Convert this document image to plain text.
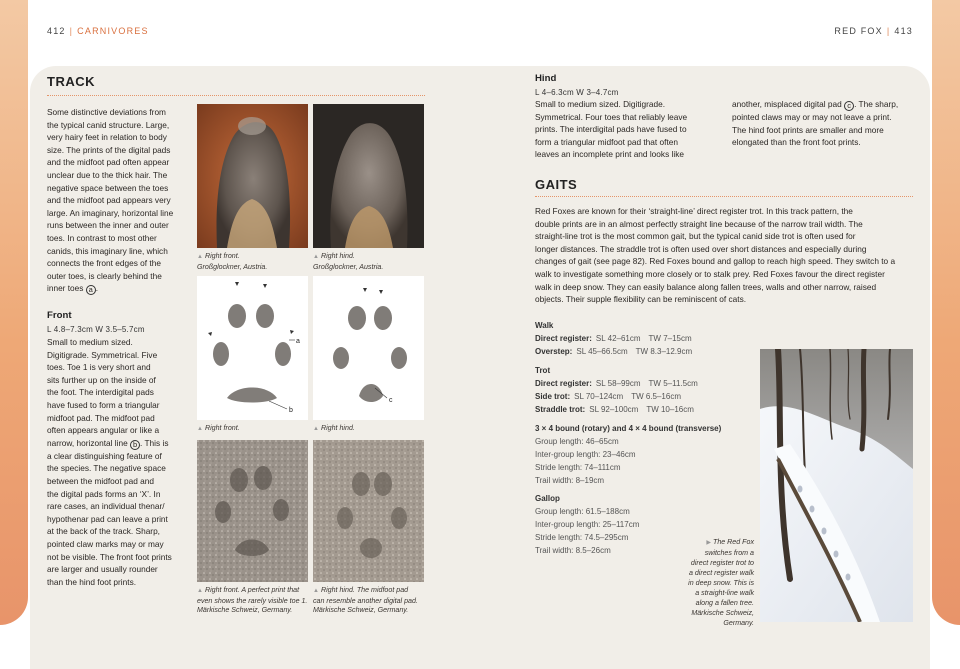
412 | CARNIVORES	RED FOX | 413
TRACK
Some distinctive deviations from
the typical canid structure. Large,
very hairy feet in relation to body
size. The prints of the digital pads
and the midfoot pad often appear
unclear due to the thick hair. The
negative space between the toes
and the midfoot pad appears very
large. An imaginary, horizontal line
runs between the inner and outer
toes. In contrast to most other
canids, this imaginary line, which
connects the front edges of the
outer toes, is clearly behind the
inner toes a .
Front
L 4.8–7.3cm W 3.5–5.7cm
Small to medium sized.
Digitigrade. Symmetrical. Five
toes. Toe 1 is very short and
sits further up on the inside of
the foot. The interdigital pads
have fused to form a triangular
midfoot pad. The midfoot pad
often appears angular or like a
narrow, horizontal line b . This is
a clear distinguishing feature of
the species. The negative space
between the midfoot pad and
the digital pads forms an ‘X’. In
rare cases, an individual thenar/
hypothenar pad can leave a print
at the back of the track. Sharp,
pointed claw marks may or may
not be visible. The front foot prints
are larger and usually rounder
than the hind foot prints.
▲ Right front.
Großglockner, Austria.
▲ Right hind.
Großglockner, Austria.
a
b
c
▲ Right front.	▲ Right hind.
▲ Right front. A perfect print that
even shows the rarely visible toe 1.
Märkische Schweiz, Germany.
▲ Right hind. The midfoot pad
can resemble another digital pad.
Märkische Schweiz, Germany.
Hind
L 4–6.3cm W 3–4.7cm
Small to medium sized. Digitigrade.
Symmetrical. Four toes that reliably leave
prints. The interdigital pads have fused to
form a triangular midfoot pad that often
leaves an incomplete print and looks like
another, misplaced digital pad c . The sharp,
pointed claws may or may not leave a print.
The hind foot prints are smaller and more
elongated than the front foot prints.
GAITS
Red Foxes are known for their ‘straight-line’ direct register trot. In this track pattern, the
double prints are in an almost perfectly straight line because of the narrow trail width. The
straight-line trot is the most common gait, but the typical canid side trot is often used for
longer distances. The straddle trot is often used over short distances and especially during
changes of gait (see page 82). Red Foxes bound and gallop to reach high speed. They switch to a
walk to investigate something more closely or to stalk prey. Red Foxes favour the direct register
walk in deep snow. They can easily balance along fallen trees, walls and other narrow, raised
objects. Their supple flexibility can be reminiscent of cats.
Walk
Direct register: SL 42–61cm TW 7–15cm
Overstep: SL 45–66.5cm TW 8.3–12.9cm
Trot
Direct register: SL 58–99cm TW 5–11.5cm
Side trot: SL 70–124cm TW 6.5–16cm
Straddle trot: SL 92–100cm TW 10–16cm
3 × 4 bound (rotary) and 4 × 4 bound (transverse)
Group length: 46–65cm
Inter-group length: 23–46cm
Stride length: 74–111cm
Trail width: 8–19cm
Gallop
Group length: 61.5–188cm
Inter-group length: 25–117cm
Stride length: 74.5–295cm
Trail width: 8.5–26cm
▶ The Red Fox
switches from a
direct register trot to
a direct register walk
in deep snow. This is
a straight-line walk
along a fallen tree.
Märkische Schweiz,
Germany.
